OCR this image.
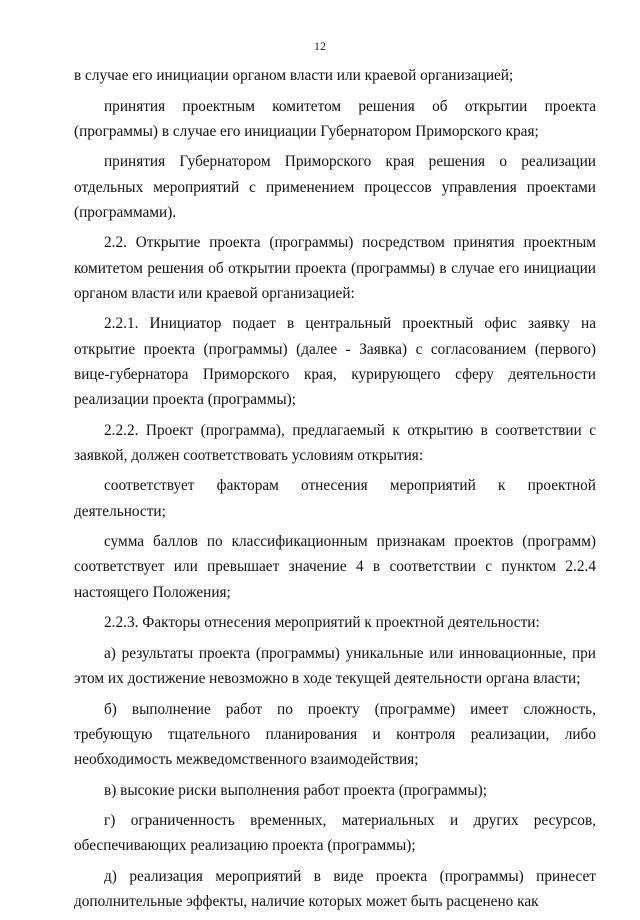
12

в случае его инициации органом власти или краевой организацией;

принятия проектным комитетом решения об открытии проекта (программы) в случае его инициации Губернатором Приморского края;

принятия Губернатором Приморского края решения о реализации отдельных мероприятий с применением процессов управления проектами (программами).

2.2. Открытие проекта (программы) посредством принятия проектным комитетом решения об открытии проекта (программы) в случае его инициации органом власти или краевой организацией:

2.2.1. Инициатор подает в центральный проектный офис заявку на открытие проекта (программы) (далее - Заявка) с согласованием (первого) вице-губернатора Приморского края, курирующего сферу деятельности реализации проекта (программы);

2.2.2. Проект (программа), предлагаемый к открытию в соответствии с заявкой, должен соответствовать условиям открытия:

соответствует факторам отнесения мероприятий к проектной деятельности;

сумма баллов по классификационным признакам проектов (программ) соответствует или превышает значение 4 в соответствии с пунктом 2.2.4 настоящего Положения;

2.2.3. Факторы отнесения мероприятий к проектной деятельности:

а) результаты проекта (программы) уникальные или инновационные, при этом их достижение невозможно в ходе текущей деятельности органа власти;

б) выполнение работ по проекту (программе) имеет сложность, требующую тщательного планирования и контроля реализации, либо необходимость межведомственного взаимодействия;

в) высокие риски выполнения работ проекта (программы);

г) ограниченность временных, материальных и других ресурсов, обеспечивающих реализацию проекта (программы);

д) реализация мероприятий в виде проекта (программы) принесет дополнительные эффекты, наличие которых может быть расценено как
